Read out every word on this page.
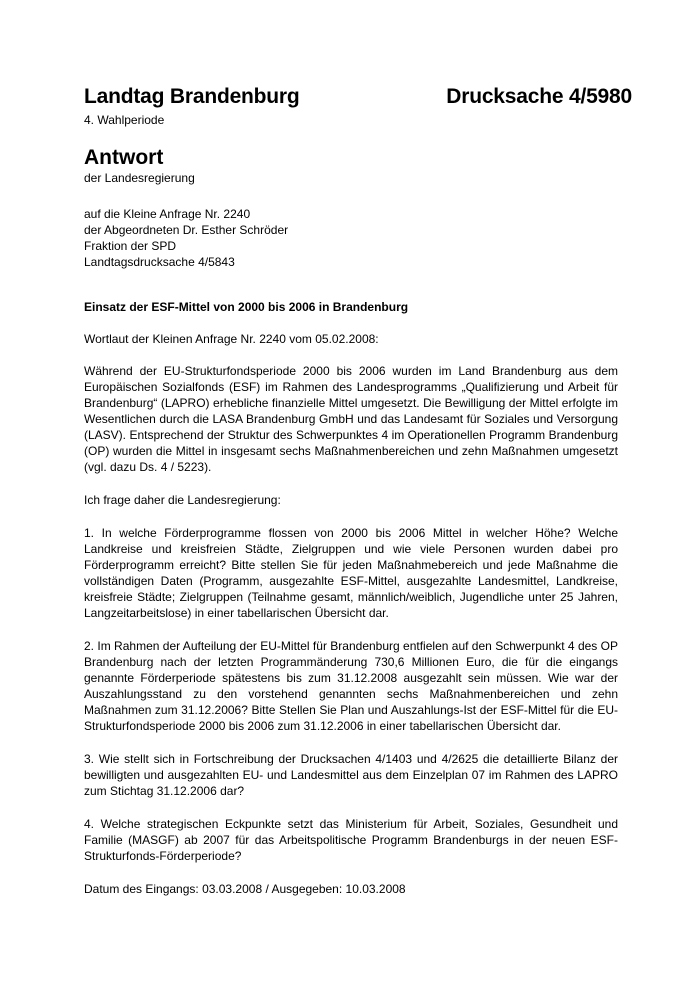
Landtag Brandenburg	Drucksache 4/5980
4. Wahlperiode
Antwort
der Landesregierung
auf die Kleine Anfrage Nr. 2240
der Abgeordneten Dr. Esther Schröder
Fraktion der SPD
Landtagsdrucksache 4/5843
Einsatz der ESF-Mittel von 2000 bis 2006 in Brandenburg

Wortlaut der Kleinen Anfrage Nr. 2240 vom 05.02.2008:

Während der EU-Strukturfondsperiode 2000 bis 2006 wurden im Land Brandenburg aus dem Europäischen Sozialfonds (ESF) im Rahmen des Landesprogramms „Qualifizierung und Arbeit für Brandenburg“ (LAPRO) erhebliche finanzielle Mittel umgesetzt. Die Bewilligung der Mittel erfolgte im Wesentlichen durch die LASA Brandenburg GmbH und das Landesamt für Soziales und Versorgung (LASV). Entsprechend der Struktur des Schwerpunktes 4 im Operationellen Programm Brandenburg (OP) wurden die Mittel in insgesamt sechs Maßnahmenbereichen und zehn Maßnahmen umgesetzt (vgl. dazu Ds. 4 / 5223).

Ich frage daher die Landesregierung:

1. In welche Förderprogramme flossen von 2000 bis 2006 Mittel in welcher Höhe? Welche Landkreise und kreisfreien Städte, Zielgruppen und wie viele Personen wurden dabei pro Förderprogramm erreicht? Bitte stellen Sie für jeden Maßnahmebereich und jede Maßnahme die vollständigen Daten (Programm, ausgezahlte ESF-Mittel, ausgezahlte Landesmittel, Landkreise, kreisfreie Städte; Zielgruppen (Teilnahme gesamt, männlich/weiblich, Jugendliche unter 25 Jahren, Langzeitarbeitslose) in einer tabellarischen Übersicht dar.

2. Im Rahmen der Aufteilung der EU-Mittel für Brandenburg entfielen auf den Schwerpunkt 4 des OP Brandenburg nach der letzten Programmänderung 730,6 Millionen Euro, die für die eingangs genannte Förderperiode spätestens bis zum 31.12.2008 ausgezahlt sein müssen. Wie war der Auszahlungsstand zu den vorstehend genannten sechs Maßnahmenbereichen und zehn Maßnahmen zum 31.12.2006? Bitte Stellen Sie Plan und Auszahlungs-Ist der ESF-Mittel für die EU-Strukturfondsperiode 2000 bis 2006 zum 31.12.2006 in einer tabellarischen Übersicht dar.

3. Wie stellt sich in Fortschreibung der Drucksachen 4/1403 und 4/2625 die detaillierte Bilanz der bewilligten und ausgezahlten EU- und Landesmittel aus dem Einzelplan 07 im Rahmen des LAPRO zum Stichtag 31.12.2006 dar?

4. Welche strategischen Eckpunkte setzt das Ministerium für Arbeit, Soziales, Gesundheit und Familie (MASGF) ab 2007 für das Arbeitspolitische Programm Brandenburgs in der neuen ESF-Strukturfonds-Förderperiode?

Datum des Eingangs: 03.03.2008 / Ausgegeben: 10.03.2008
